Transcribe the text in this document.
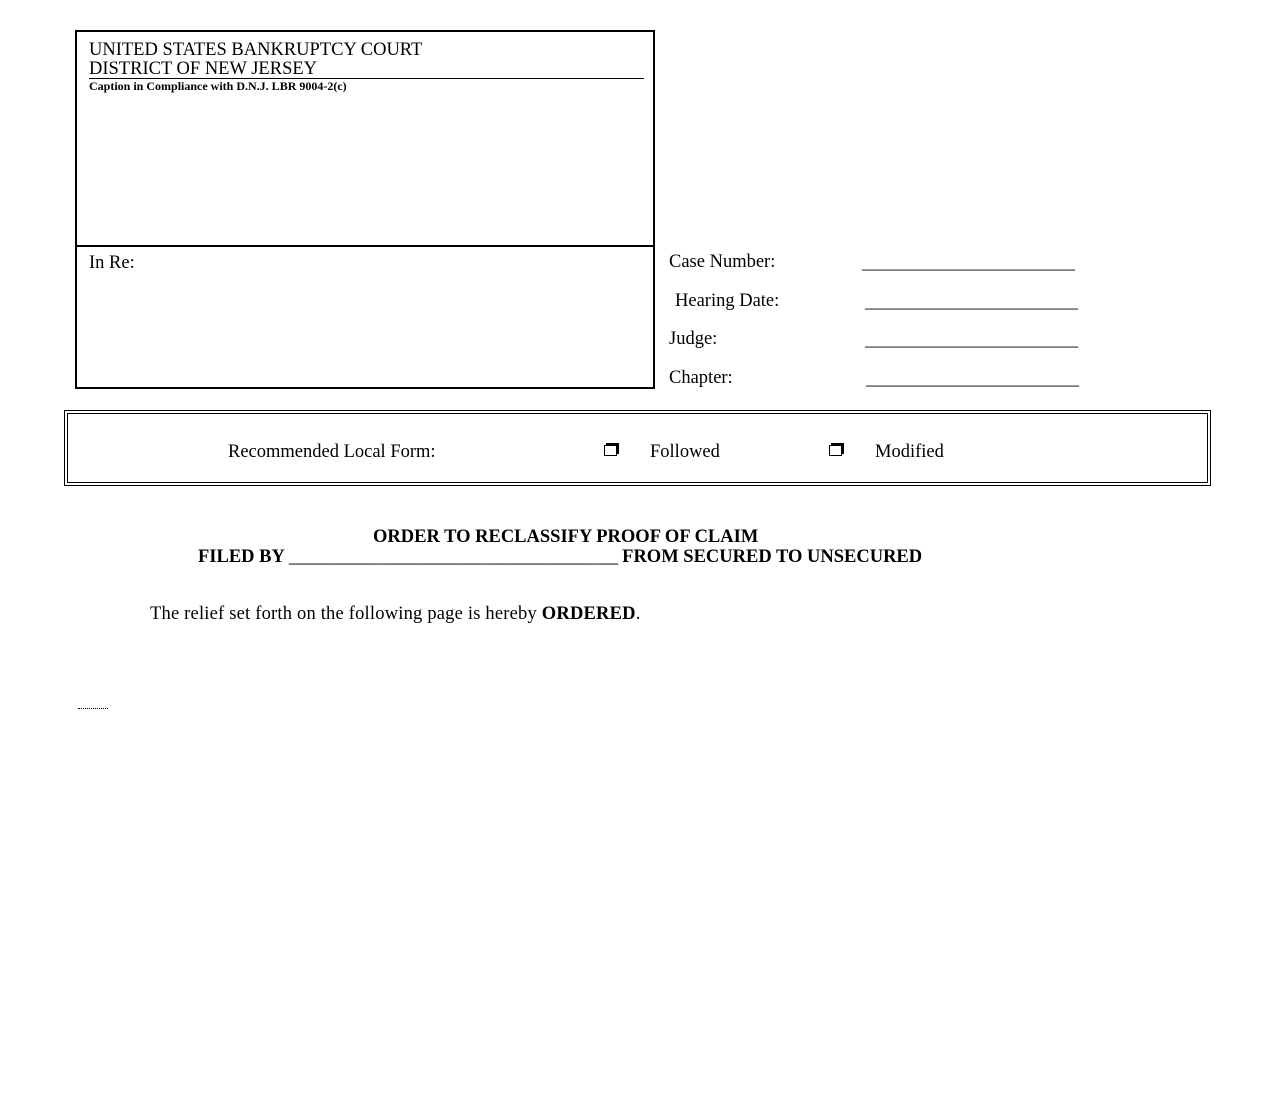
UNITED STATES BANKRUPTCY COURT
DISTRICT OF NEW JERSEY
Caption in Compliance with D.N.J. LBR 9004-2(c)
In Re:	Case Number:	_________________________
Hearing Date:	_________________________
Judge:	_________________________
Chapter:	_________________________
Recommended Local Form:	Followed	Modified
ORDER TO RECLASSIFY PROOF OF CLAIM
FILED BY ______________________________________ FROM SECURED TO UNSECURED
The relief set forth on the following page is hereby ORDERED.
